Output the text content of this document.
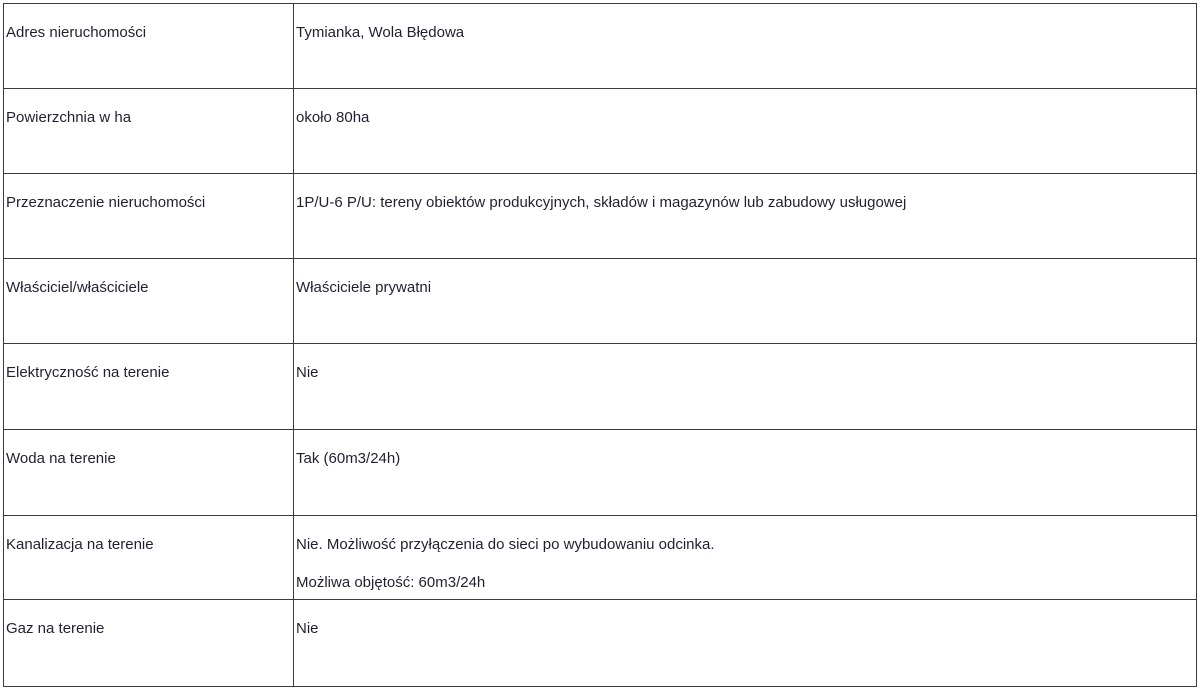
Adres nieruchomości	Tymianka, Wola Błędowa

Powierzchnia w ha	około 80ha

Przeznaczenie nieruchomości	1P/U-6 P/U: tereny obiektów produkcyjnych, składów i magazynów lub zabudowy usługowej

Właściciel/właściciele	Właściciele prywatni

Elektryczność na terenie	Nie

Woda na terenie	Tak (60m3/24h)

Kanalizacja na terenie	Nie. Możliwość przyłączenia do sieci po wybudowaniu odcinka.
Możliwa objętość: 60m3/24h

Gaz na terenie	Nie
